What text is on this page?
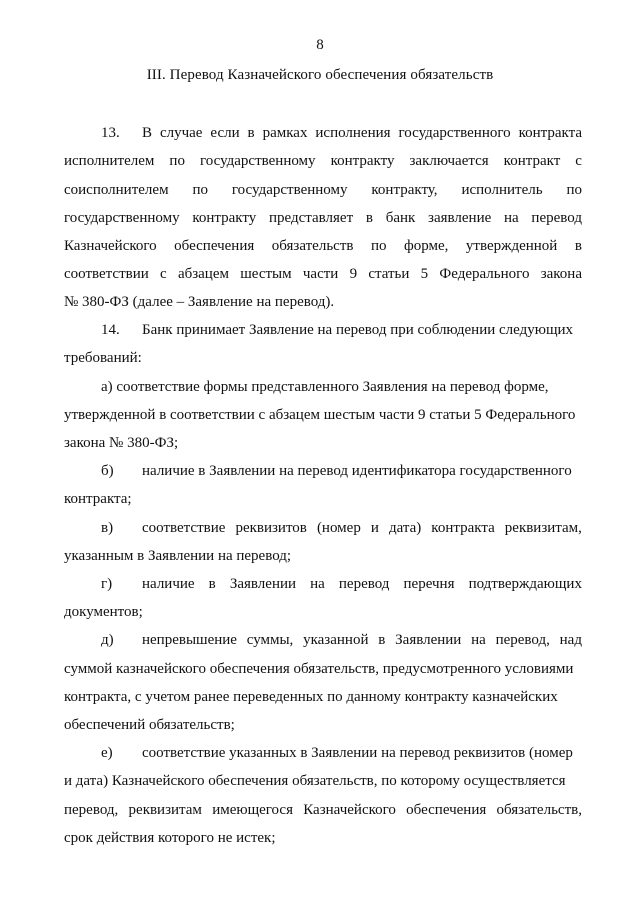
8
III. Перевод Казначейского обеспечения обязательств
13. В случае если в рамках исполнения государственного контракта
исполнителем по государственному контракту заключается контракт с
соисполнителем по государственному контракту, исполнитель по
государственному контракту представляет в банк заявление на перевод
Казначейского обеспечения обязательств по форме, утвержденной в
соответствии с абзацем шестым части 9 статьи 5 Федерального закона
№ 380-ФЗ (далее – Заявление на перевод).
14. Банк принимает Заявление на перевод при соблюдении следующих
требований:
а) соответствие формы представленного Заявления на перевод форме,
утвержденной в соответствии с абзацем шестым части 9 статьи 5 Федерального
закона № 380-ФЗ;
б) наличие в Заявлении на перевод идентификатора государственного
контракта;
в) соответствие реквизитов (номер и дата) контракта реквизитам,
указанным в Заявлении на перевод;
г) наличие в Заявлении на перевод перечня подтверждающих
документов;
д) непревышение суммы, указанной в Заявлении на перевод, над
суммой казначейского обеспечения обязательств, предусмотренного условиями
контракта, с учетом ранее переведенных по данному контракту казначейских
обеспечений обязательств;
е) соответствие указанных в Заявлении на перевод реквизитов (номер
и дата) Казначейского обеспечения обязательств, по которому осуществляется
перевод, реквизитам имеющегося Казначейского обеспечения обязательств,
срок действия которого не истек;
